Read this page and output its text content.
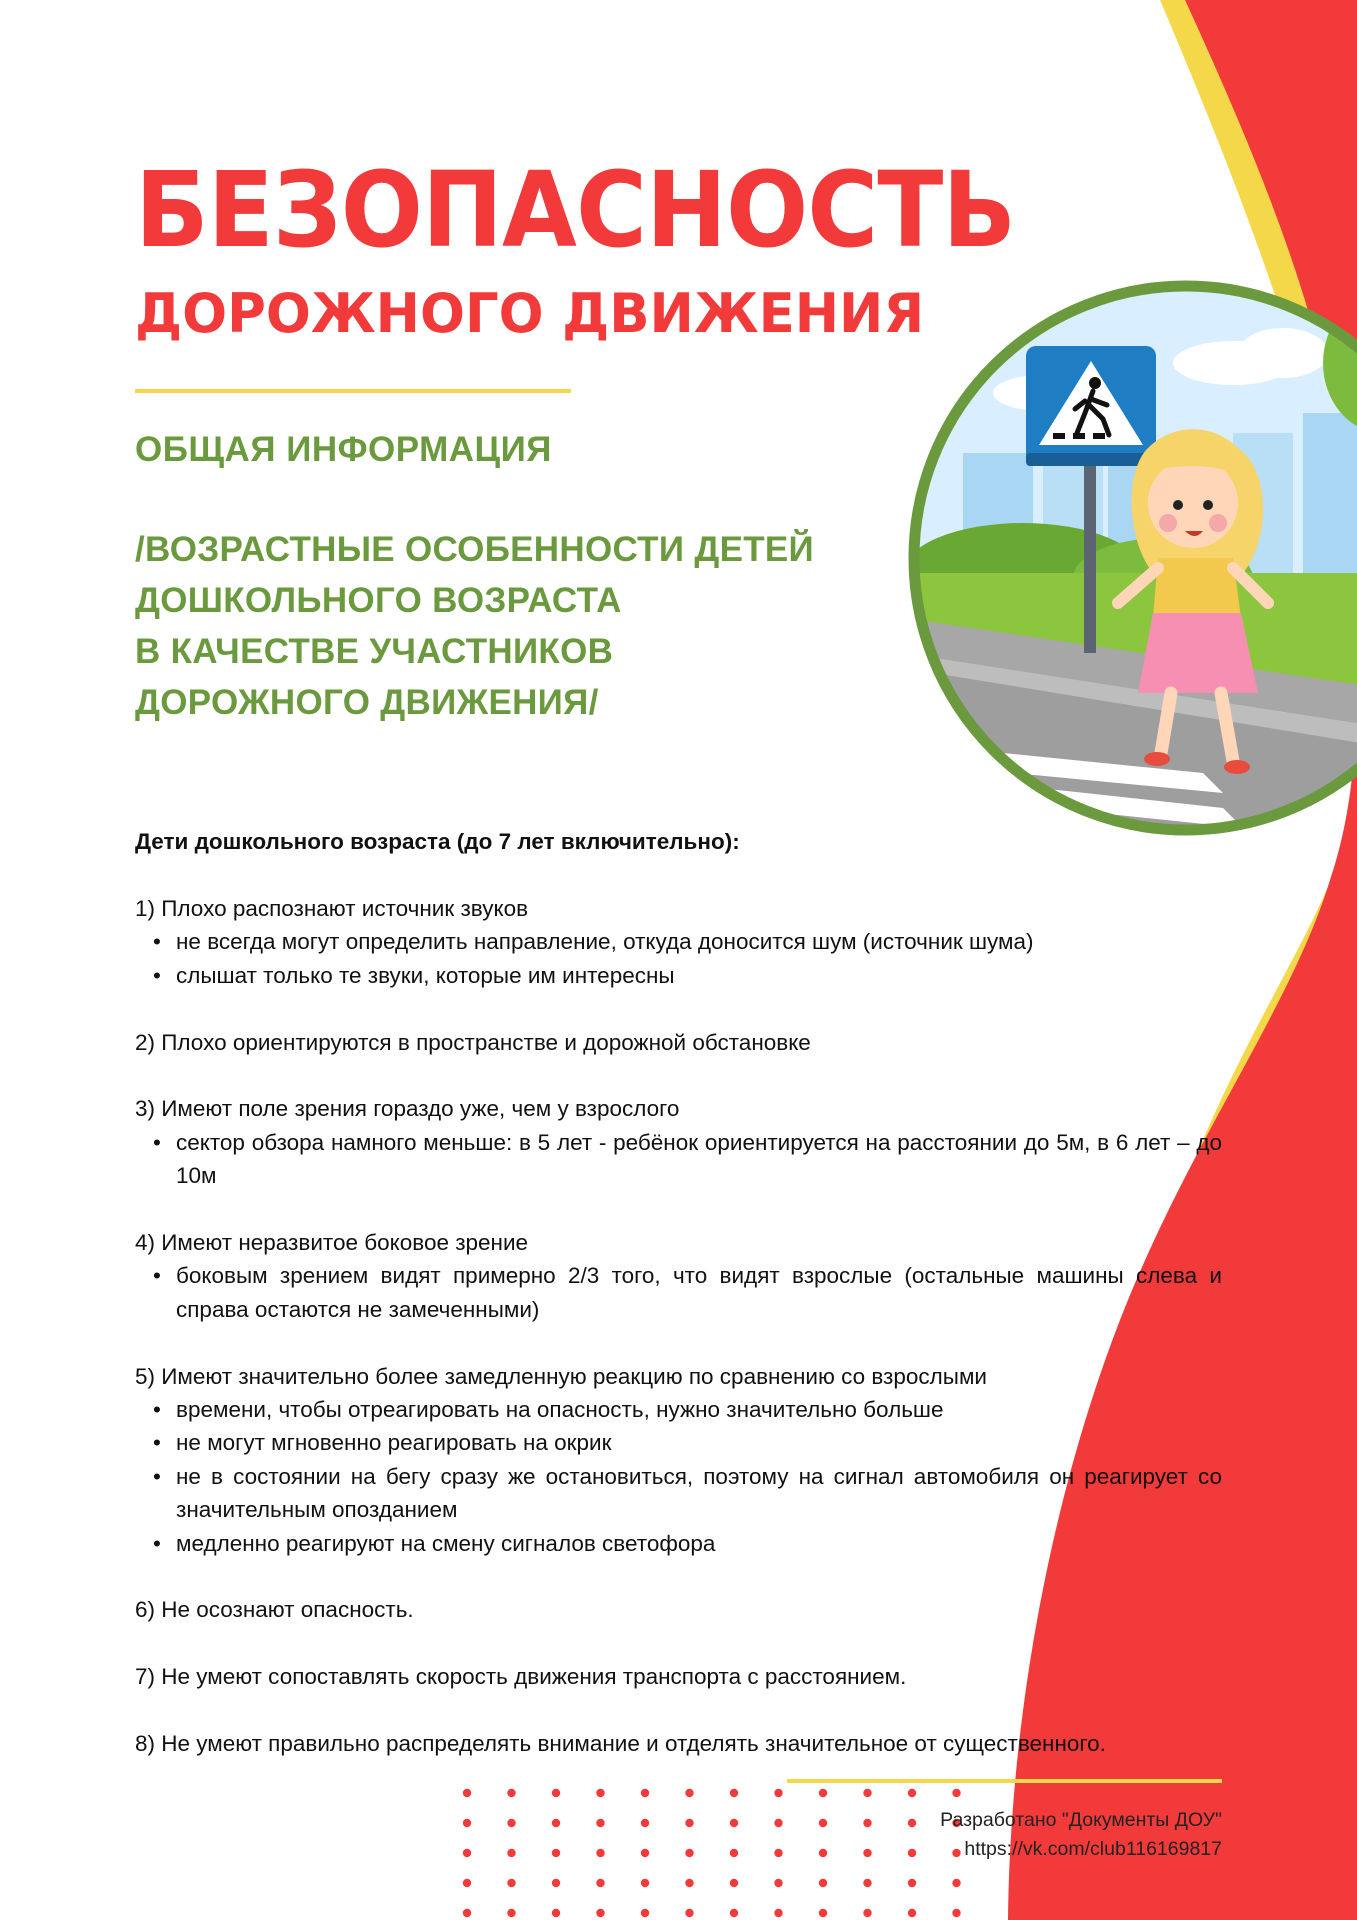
БЕЗОПАСНОСТЬ
ДОРОЖНОГО ДВИЖЕНИЯ
ОБЩАЯ ИНФОРМАЦИЯ
/ВОЗРАСТНЫЕ ОСОБЕННОСТИ ДЕТЕЙ
ДОШКОЛЬНОГО ВОЗРАСТА
В КАЧЕСТВЕ УЧАСТНИКОВ
ДОРОЖНОГО ДВИЖЕНИЯ/
Дети дошкольного возраста (до 7 лет включительно):
1) Плохо распознают источник звуков
• не всегда могут определить направление, откуда доносится шум (источник шума)
• слышат только те звуки, которые им интересны
2) Плохо ориентируются в пространстве и дорожной обстановке
3) Имеют поле зрения гораздо уже, чем у взрослого
• сектор обзора намного меньше: в 5 лет - ребёнок ориентируется на расстоянии до 5м, в 6 лет – до 10м
4) Имеют неразвитое боковое зрение
• боковым зрением видят примерно 2/3 того, что видят взрослые (остальные машины слева и справа остаются не замеченными)
5) Имеют значительно более замедленную реакцию по сравнению со взрослыми
• времени, чтобы отреагировать на опасность, нужно значительно больше
• не могут мгновенно реагировать на окрик
• не в состоянии на бегу сразу же остановиться, поэтому на сигнал автомобиля он реагирует со значительным опозданием
• медленно реагируют на смену сигналов светофора
6) Не осознают опасность.
7) Не умеют сопоставлять скорость движения транспорта с расстоянием.
8) Не умеют правильно распределять внимание и отделять значительное от существенного.
Разработано "Документы ДОУ"
https://vk.com/club116169817
